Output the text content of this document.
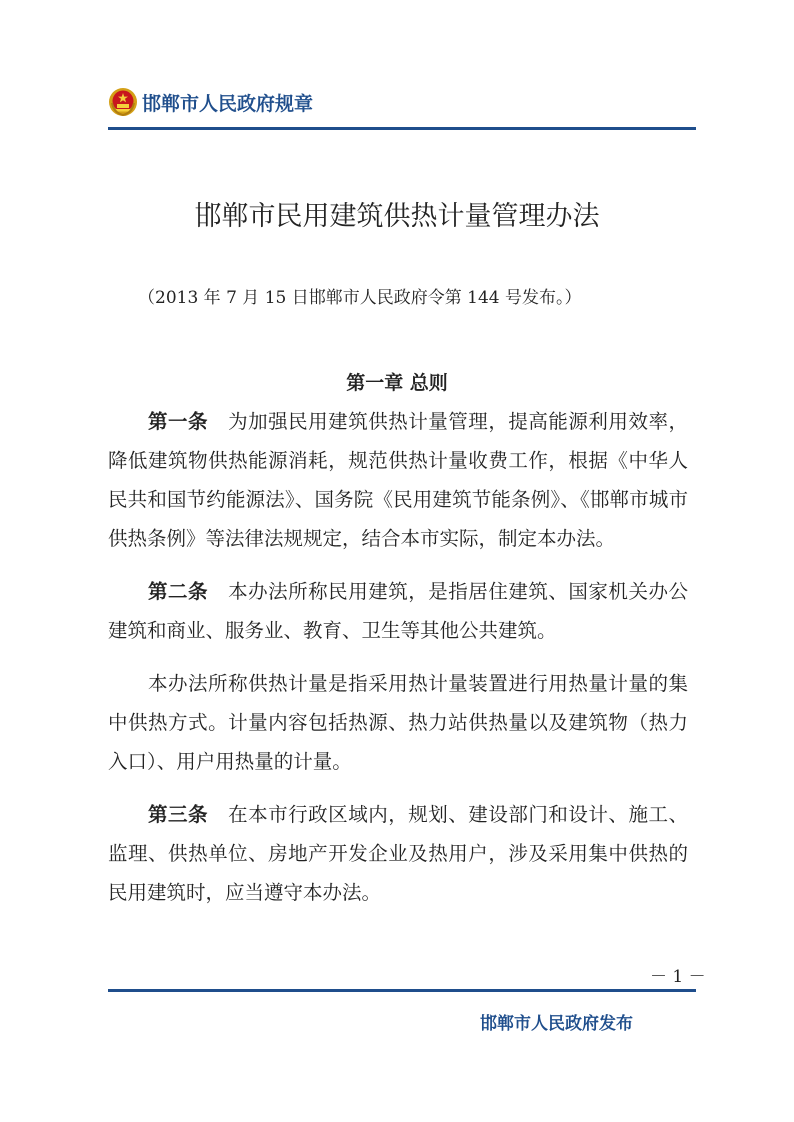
邯郸市人民政府规章
邯郸市民用建筑供热计量管理办法
（2013 年 7 月 15 日邯郸市人民政府令第 144 号发布。）
第一章 总则

第一条　 为加强民用建筑供热计量管理，提高能源利用效率，降低建筑物供热能源消耗，规范供热计量收费工作，根据《中华人民共和国节约能源法》、国务院《民用建筑节能条例》、《邯郸市城市供热条例》等法律法规规定，结合本市实际，制定本办法。

第二条　 本办法所称民用建筑，是指居住建筑、国家机关办公建筑和商业、服务业、教育、卫生等其他公共建筑。

本办法所称供热计量是指采用热计量装置进行用热量计量的集中供热方式。计量内容包括热源、热力站供热量以及建筑物（热力入口）、用户用热量的计量。

第三条　 在本市行政区域内，规划、建设部门和设计、施工、监理、供热单位、房地产开发企业及热用户，涉及采用集中供热的民用建筑时，应当遵守本办法。

－ 1 －
邯郸市人民政府发布
